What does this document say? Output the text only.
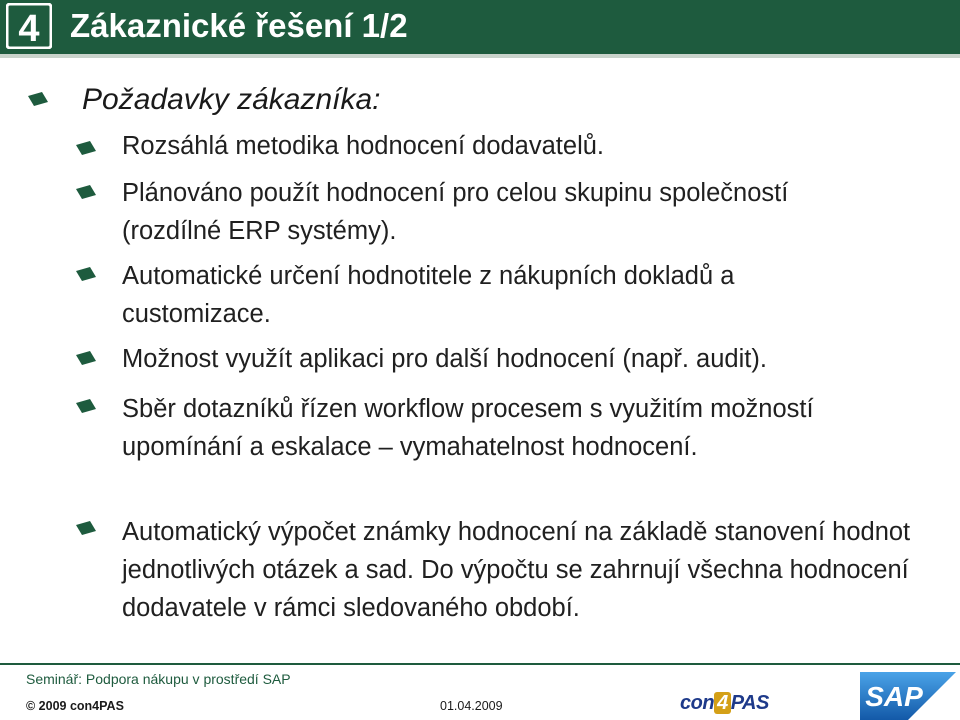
4 Zákaznické řešení 1/2
Požadavky zákazníka:
Rozsáhlá metodika hodnocení dodavatelů.
Plánováno použít hodnocení pro celou skupinu společností (rozdílné ERP systémy).
Automatické určení hodnotitele z nákupních dokladů a customizace.
Možnost využít aplikaci pro další hodnocení (např. audit).
Sběr dotazníků řízen workflow procesem s využitím možností upomínání a eskalace – vymahatelnost hodnocení.
Automatický výpočet známky hodnocení na základě stanovení hodnot jednotlivých otázek a sad. Do výpočtu se zahrnují všechna hodnocení dodavatele v rámci sledovaného období.
Seminář: Podpora nákupu v prostředí SAP
© 2009 con4PAS	01.04.2009	con 4 PAS	SAP
